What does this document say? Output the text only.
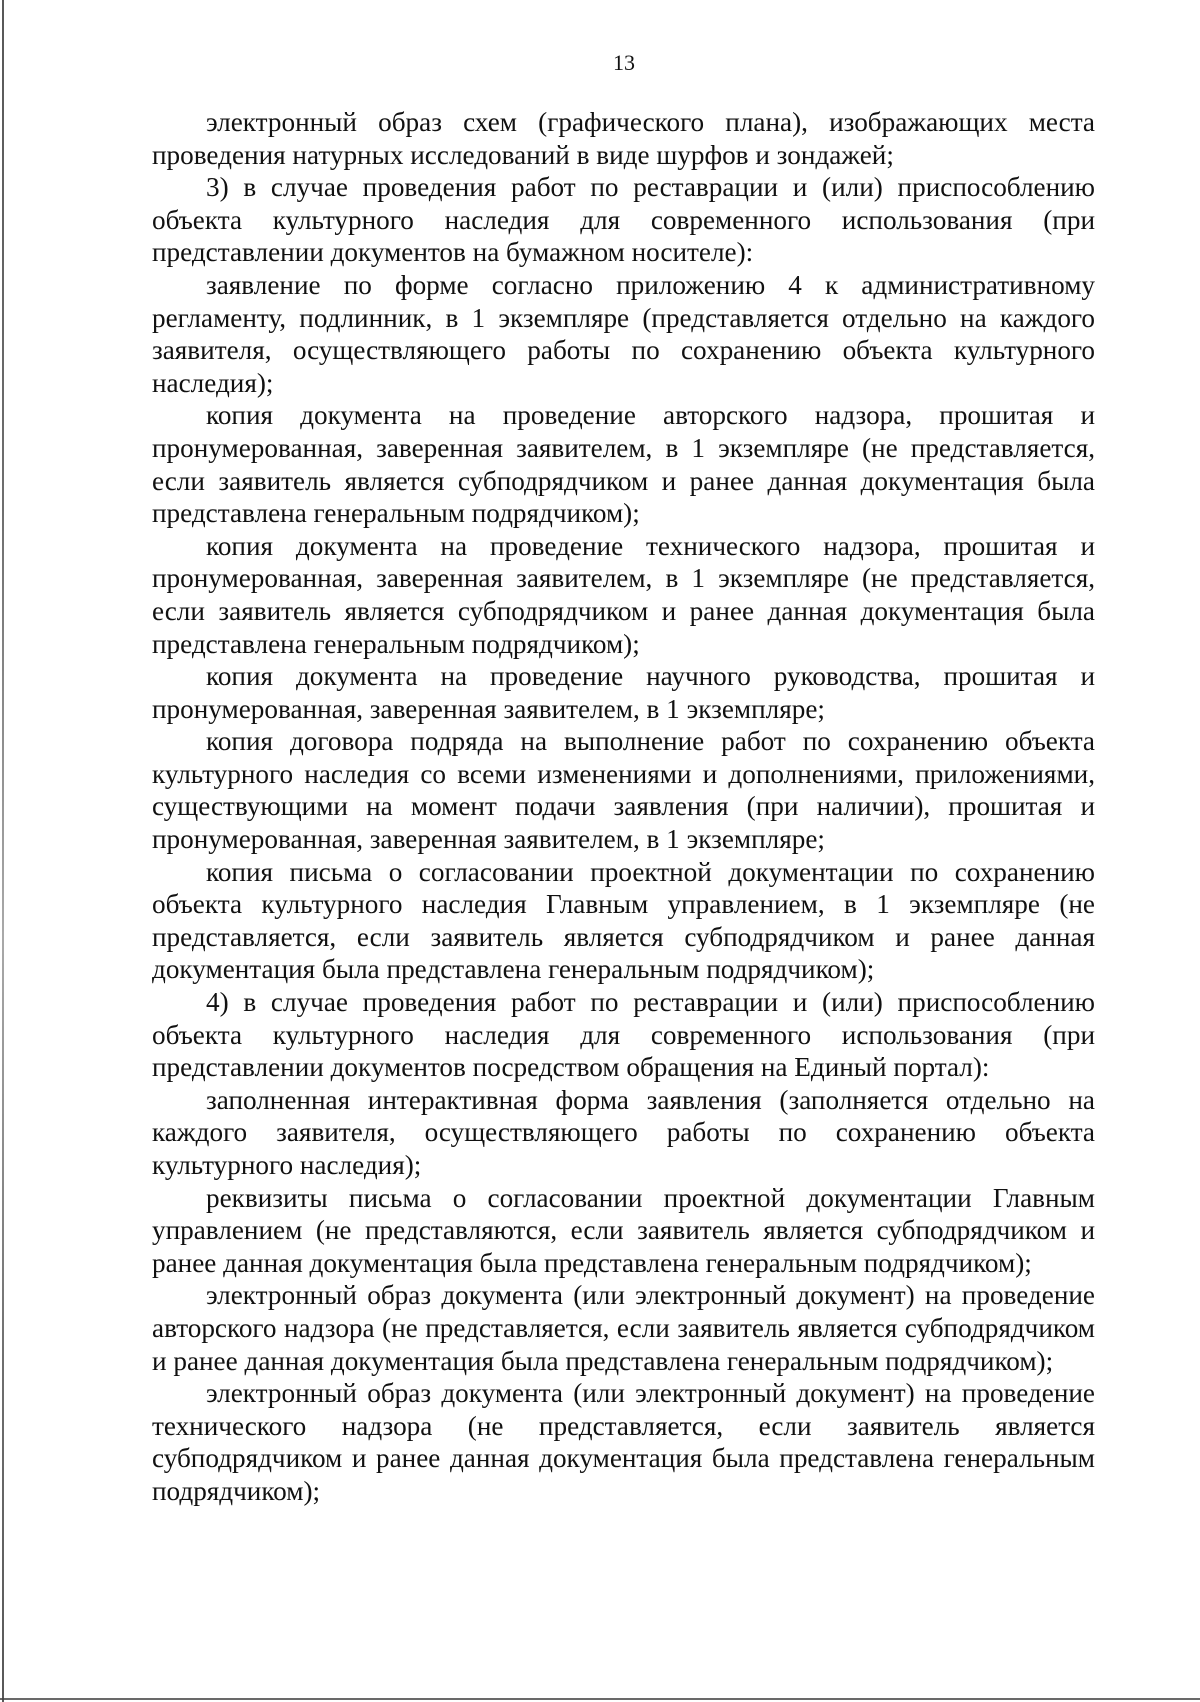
13

электронный образ схем (графического плана), изображающих места проведения натурных исследований в виде шурфов и зондажей;

3) в случае проведения работ по реставрации и (или) приспособлению объекта культурного наследия для современного использования (при представлении документов на бумажном носителе):

заявление по форме согласно приложению 4 к административному регламенту, подлинник, в 1 экземпляре (представляется отдельно на каждого заявителя, осуществляющего работы по сохранению объекта культурного наследия);

копия документа на проведение авторского надзора, прошитая и пронумерованная, заверенная заявителем, в 1 экземпляре (не представляется, если заявитель является субподрядчиком и ранее данная документация была представлена генеральным подрядчиком);

копия документа на проведение технического надзора, прошитая и пронумерованная, заверенная заявителем, в 1 экземпляре (не представляется, если заявитель является субподрядчиком и ранее данная документация была представлена генеральным подрядчиком);

копия документа на проведение научного руководства, прошитая и пронумерованная, заверенная заявителем, в 1 экземпляре;

копия договора подряда на выполнение работ по сохранению объекта культурного наследия со всеми изменениями и дополнениями, приложениями, существующими на момент подачи заявления (при наличии), прошитая и пронумерованная, заверенная заявителем, в 1 экземпляре;

копия письма о согласовании проектной документации по сохранению объекта культурного наследия Главным управлением, в 1 экземпляре (не представляется, если заявитель является субподрядчиком и ранее данная документация была представлена генеральным подрядчиком);

4) в случае проведения работ по реставрации и (или) приспособлению объекта культурного наследия для современного использования (при представлении документов посредством обращения на Единый портал):

заполненная интерактивная форма заявления (заполняется отдельно на каждого заявителя, осуществляющего работы по сохранению объекта культурного наследия);

реквизиты письма о согласовании проектной документации Главным управлением (не представляются, если заявитель является субподрядчиком и ранее данная документация была представлена генеральным подрядчиком);

электронный образ документа (или электронный документ) на проведение авторского надзора (не представляется, если заявитель является субподрядчиком и ранее данная документация была представлена генеральным подрядчиком);

электронный образ документа (или электронный документ) на проведение технического надзора (не представляется, если заявитель является субподрядчиком и ранее данная документация была представлена генеральным подрядчиком);
